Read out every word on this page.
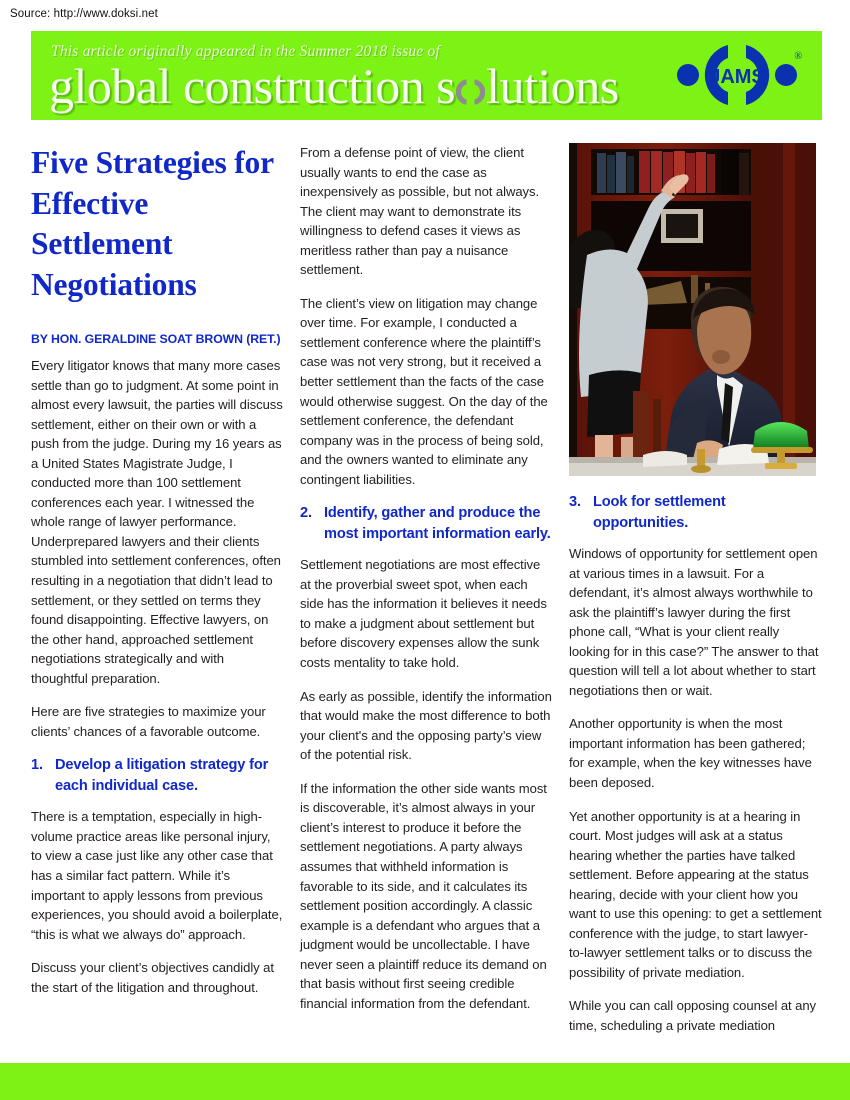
Source: http://www.doksi.net
This article originally appeared in the Summer 2018 issue of
global construction s lutions	JAMS
®
Five Strategies for Effective Settlement Negotiations
BY HON. GERALDINE SOAT BROWN (RET.)

Every litigator knows that many more cases settle than go to judgment. At some point in almost every lawsuit, the parties will discuss settlement, either on their own or with a push from the judge. During my 16 years as a United States Magistrate Judge, I conducted more than 100 settlement conferences each year. I witnessed the whole range of lawyer performance. Underprepared lawyers and their clients stumbled into settlement conferences, often resulting in a negotiation that didn’t lead to settlement, or they settled on terms they found disappointing. Effective lawyers, on the other hand, approached settlement negotiations strategically and with thoughtful preparation.

Here are five strategies to maximize your clients’ chances of a favorable outcome.

1. Develop a litigation strategy for each individual case.

There is a temptation, especially in high-volume practice areas like personal injury, to view a case just like any other case that has a similar fact pattern. While it’s important to apply lessons from previous experiences, you should avoid a boilerplate, “this is what we always do” approach.

Discuss your client’s objectives candidly at the start of the litigation and throughout.

From a defense point of view, the client usually wants to end the case as inexpensively as possible, but not always. The client may want to demonstrate its willingness to defend cases it views as meritless rather than pay a nuisance settlement.

The client’s view on litigation may change over time. For example, I conducted a settlement conference where the plaintiff’s case was not very strong, but it received a better settlement than the facts of the case would otherwise suggest. On the day of the settlement conference, the defendant company was in the process of being sold, and the owners wanted to eliminate any contingent liabilities.

2. Identify, gather and produce the most important information early.

Settlement negotiations are most effective at the proverbial sweet spot, when each side has the information it believes it needs to make a judgment about settlement but before discovery expenses allow the sunk costs mentality to take hold.

As early as possible, identify the information that would make the most difference to both your client's and the opposing party’s view of the potential risk.

If the information the other side wants most is discoverable, it’s almost always in your client’s interest to produce it before the settlement negotiations. A party always assumes that withheld information is favorable to its side, and it calculates its settlement position accordingly. A classic example is a defendant who argues that a judgment would be uncollectable. I have never seen a plaintiff reduce its demand on that basis without first seeing credible financial information from the defendant.

3. Look for settlement opportunities.

Windows of opportunity for settlement open at various times in a lawsuit. For a defendant, it’s almost always worthwhile to ask the plaintiff’s lawyer during the first phone call, “What is your client really looking for in this case?” The answer to that question will tell a lot about whether to start negotiations then or wait.

Another opportunity is when the most important information has been gathered; for example, when the key witnesses have been deposed.

Yet another opportunity is at a hearing in court. Most judges will ask at a status hearing whether the parties have talked settlement. Before appearing at the status hearing, decide with your client how you want to use this opening: to get a settlement conference with the judge, to start lawyer-to-lawyer settlement talks or to discuss the possibility of private mediation.

While you can call opposing counsel at any time, scheduling a private mediation
